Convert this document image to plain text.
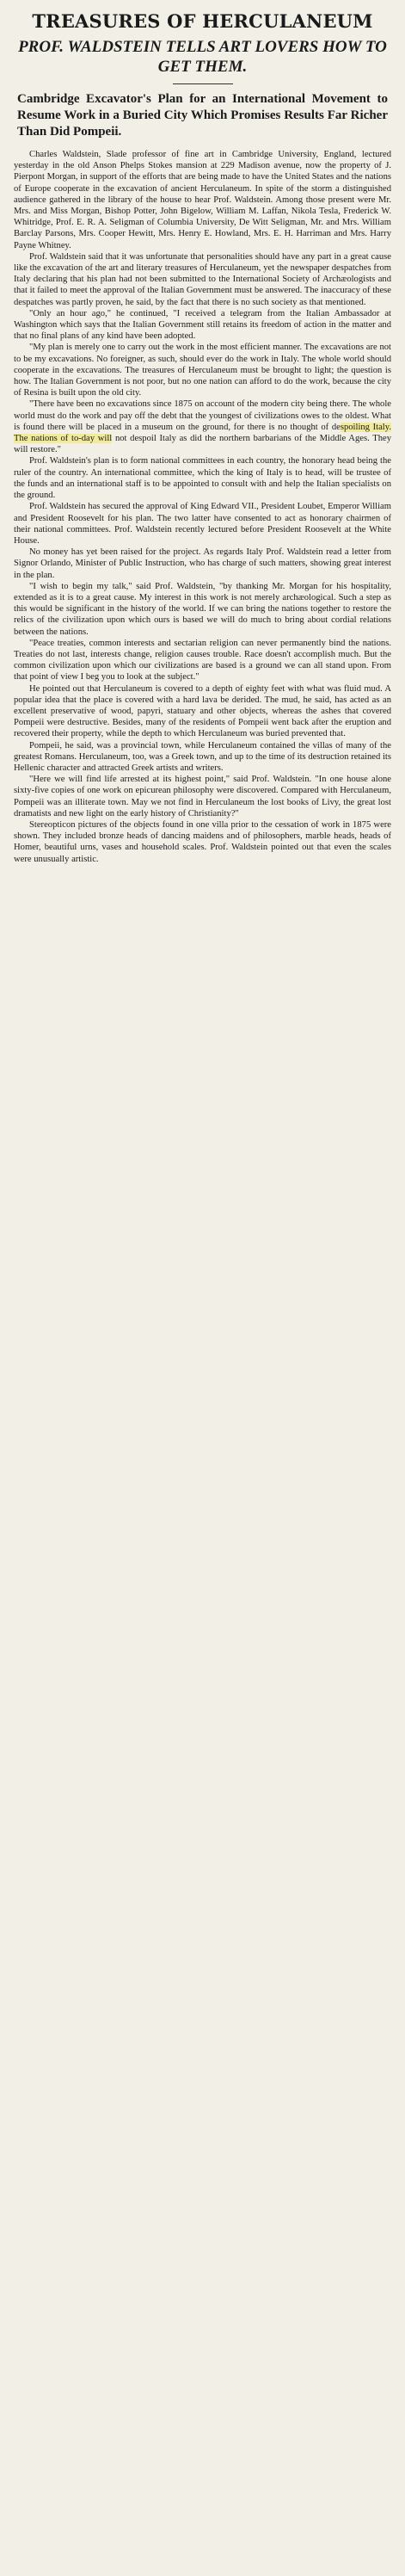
TREASURES OF HERCULANEUM
PROF. WALDSTEIN TELLS ART LOVERS HOW TO GET THEM.
Cambridge Excavator's Plan for an International Movement to Resume Work in a Buried City Which Promises Results Far Richer Than Did Pompeii.

Charles Waldstein, Slade professor of fine art in Cambridge University, England, lectured yesterday in the old Anson Phelps Stokes mansion at 229 Madison avenue, now the property of J. Pierpont Morgan, in support of the efforts that are being made to have the United States and the nations of Europe cooperate in the excavation of ancient Herculaneum. In spite of the storm a distinguished audience gathered in the library of the house to hear Prof. Waldstein. Among those present were Mr. Mrs. and Miss Morgan, Bishop Potter, John Bigelow, William M. Laffan, Nikola Tesla, Frederick W. Whitridge, Prof. E. R. A. Seligman of Columbia University, De Witt Seligman, Mr. and Mrs. William Barclay Parsons, Mrs. Cooper Hewitt, Mrs. Henry E. Howland, Mrs. E. H. Harriman and Mrs. Harry Payne Whitney.

Prof. Waldstein said that it was unfortunate that personalities should have any part in a great cause like the excavation of the art and literary treasures of Herculaneum, yet the newspaper despatches from Italy declaring that his plan had not been submitted to the International Society of Archæologists and that it failed to meet the approval of the Italian Government must be answered. The inaccuracy of these despatches was partly proven, he said, by the fact that there is no such society as that mentioned.

"Only an hour ago," he continued, "I received a telegram from the Italian Ambassador at Washington which says that the Italian Government still retains its freedom of action in the matter and that no final plans of any kind have been adopted.

"My plan is merely one to carry out the work in the most efficient manner. The excavations are not to be my excavations. No foreigner, as such, should ever do the work in Italy. The whole world should cooperate in the excavations. The treasures of Herculaneum must be brought to light; the question is how. The Italian Government is not poor, but no one nation can afford to do the work, because the city of Resina is built upon the old city.

"There have been no excavations since 1875 on account of the modern city being there. The whole world must do the work and pay off the debt that the youngest of civilizations owes to the oldest. What is found there will be placed in a museum on the ground, for there is no thought of despoiling Italy. The nations of to-day will not despoil Italy as did the northern barbarians of the Middle Ages. They will restore."

Prof. Waldstein's plan is to form national committees in each country, the honorary head being the ruler of the country. An international committee, which the king of Italy is to head, will be trustee of the funds and an international staff is to be appointed to consult with and help the Italian specialists on the ground.

Prof. Waldstein has secured the approval of King Edward VII., President Loubet, Emperor William and President Roosevelt for his plan. The two latter have consented to act as honorary chairmen of their national committees. Prof. Waldstein recently lectured before President Roosevelt at the White House.

No money has yet been raised for the project. As regards Italy Prof. Waldstein read a letter from Signor Orlando, Minister of Public Instruction, who has charge of such matters, showing great interest in the plan.

"I wish to begin my talk," said Prof. Waldstein, "by thanking Mr. Morgan for his hospitality, extended as it is to a great cause. My interest in this work is not merely archæological. Such a step as this would be significant in the history of the world. If we can bring the nations together to restore the relics of the civilization upon which ours is based we will do much to bring about cordial relations between the nations.

"Peace treaties, common interests and sectarian religion can never permanently bind the nations. Treaties do not last, interests change, religion causes trouble. Race doesn't accomplish much. But the common civilization upon which our civilizations are based is a ground we can all stand upon. From that point of view I beg you to look at the subject."

He pointed out that Herculaneum is covered to a depth of eighty feet with what was fluid mud. A popular idea that the place is covered with a hard lava be derided. The mud, he said, has acted as an excellent preservative of wood, papyri, statuary and other objects, whereas the ashes that covered Pompeii were destructive. Besides, many of the residents of Pompeii went back after the eruption and recovered their property, while the depth to which Herculaneum was buried prevented that.

Pompeii, he said, was a provincial town, while Herculaneum contained the villas of many of the greatest Romans. Herculaneum, too, was a Greek town, and up to the time of its destruction retained its Hellenic character and attracted Greek artists and writers.

"Here we will find life arrested at its highest point," said Prof. Waldstein. "In one house alone sixty-five copies of one work on epicurean philosophy were discovered. Compared with Herculaneum, Pompeii was an illiterate town. May we not find in Herculaneum the lost books of Livy, the great lost dramatists and new light on the early history of Christianity?"

Stereopticon pictures of the objects found in one villa prior to the cessation of work in 1875 were shown. They included bronze heads of dancing maidens and of philosophers, marble heads, heads of Homer, beautiful urns, vases and household scales. Prof. Waldstein pointed out that even the scales were unusually artistic.
